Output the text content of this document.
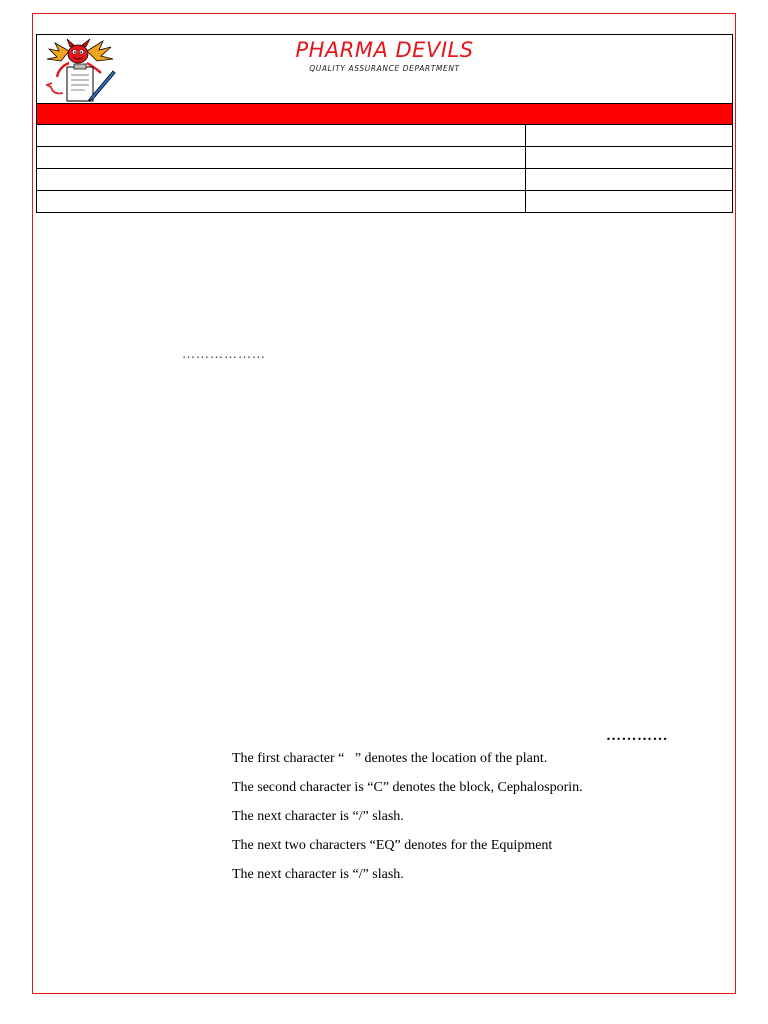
PHARMA DEVILS
QUALITY ASSURANCE DEPARTMENT	

………………
…………
The first character “   ” denotes the location of the plant.
The second character is “C” denotes the block, Cephalosporin.
The next character is “/” slash.
The next two characters “EQ” denotes for the Equipment
The next character is “/” slash.
